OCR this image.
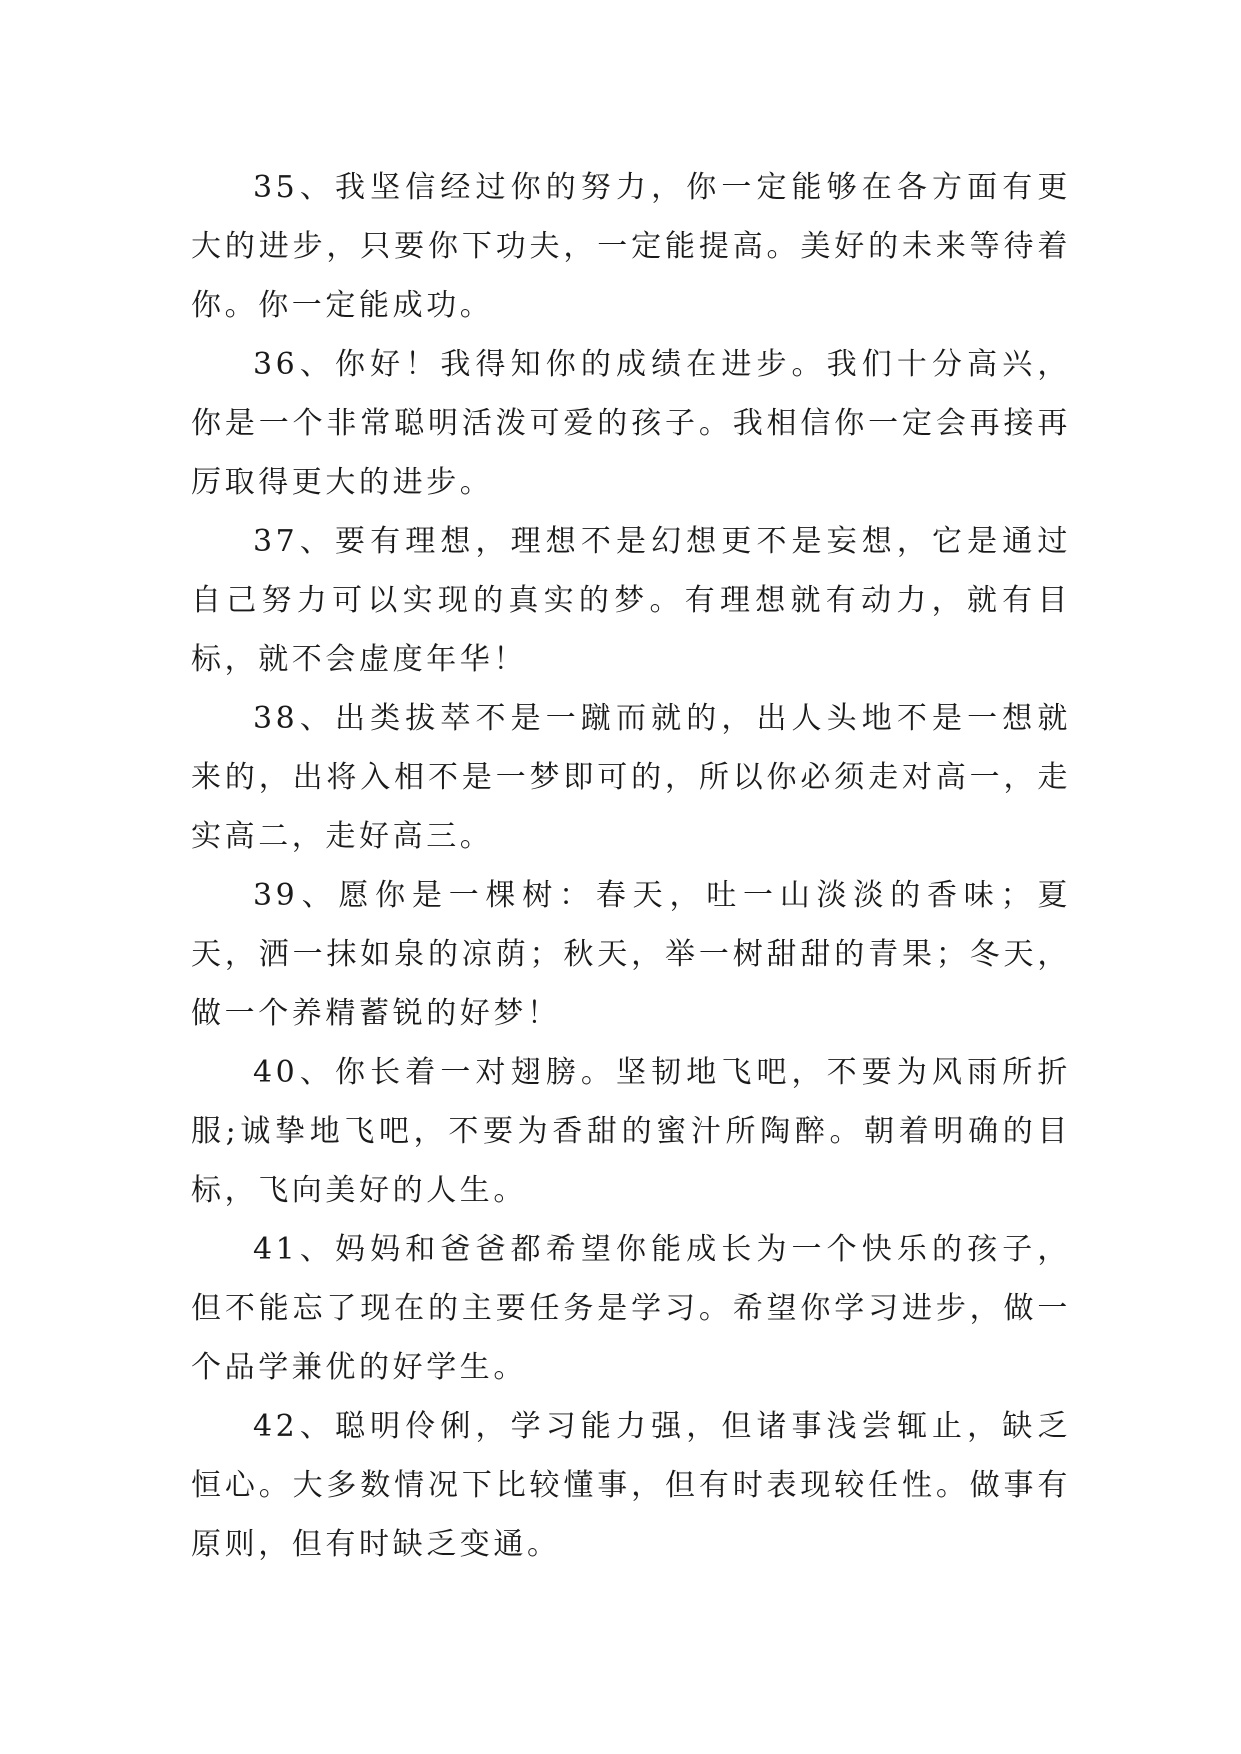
35、我坚信经过你的努力，你一定能够在各方面有更大的进步，只要你下功夫，一定能提高。美好的未来等待着你。你一定能成功。

36、你好！我得知你的成绩在进步。我们十分高兴，你是一个非常聪明活泼可爱的孩子。我相信你一定会再接再厉取得更大的进步。

37、要有理想，理想不是幻想更不是妄想，它是通过自己努力可以实现的真实的梦。有理想就有动力，就有目标，就不会虚度年华！

38、出类拔萃不是一蹴而就的，出人头地不是一想就来的，出将入相不是一梦即可的，所以你必须走对高一，走实高二，走好高三。

39、愿你是一棵树：春天，吐一山淡淡的香味；夏天，洒一抹如泉的凉荫；秋天，举一树甜甜的青果；冬天，做一个养精蓄锐的好梦！

40、你长着一对翅膀。坚韧地飞吧，不要为风雨所折服;诚挚地飞吧，不要为香甜的蜜汁所陶醉。朝着明确的目标，飞向美好的人生。

41、妈妈和爸爸都希望你能成长为一个快乐的孩子，但不能忘了现在的主要任务是学习。希望你学习进步，做一个品学兼优的好学生。

42、聪明伶俐，学习能力强，但诸事浅尝辄止，缺乏恒心。大多数情况下比较懂事，但有时表现较任性。做事有原则，但有时缺乏变通。
